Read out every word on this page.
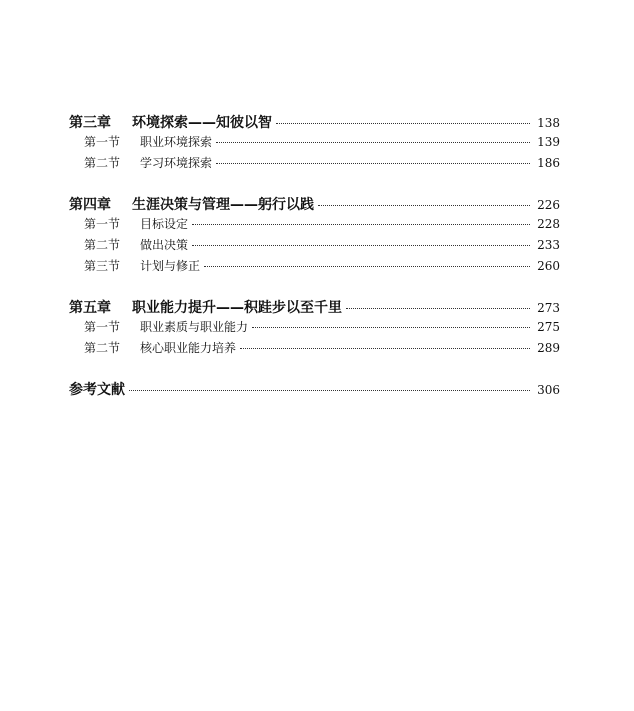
第三章	环境探索——知彼以智	138
第一节	职业环境探索	139
第二节	学习环境探索	186
第四章	生涯决策与管理——躬行以践	226
第一节	目标设定	228
第二节	做出决策	233
第三节	计划与修正	260
第五章	职业能力提升——积跬步以至千里	273
第一节	职业素质与职业能力	275
第二节	核心职业能力培养	289
参考文献	306
